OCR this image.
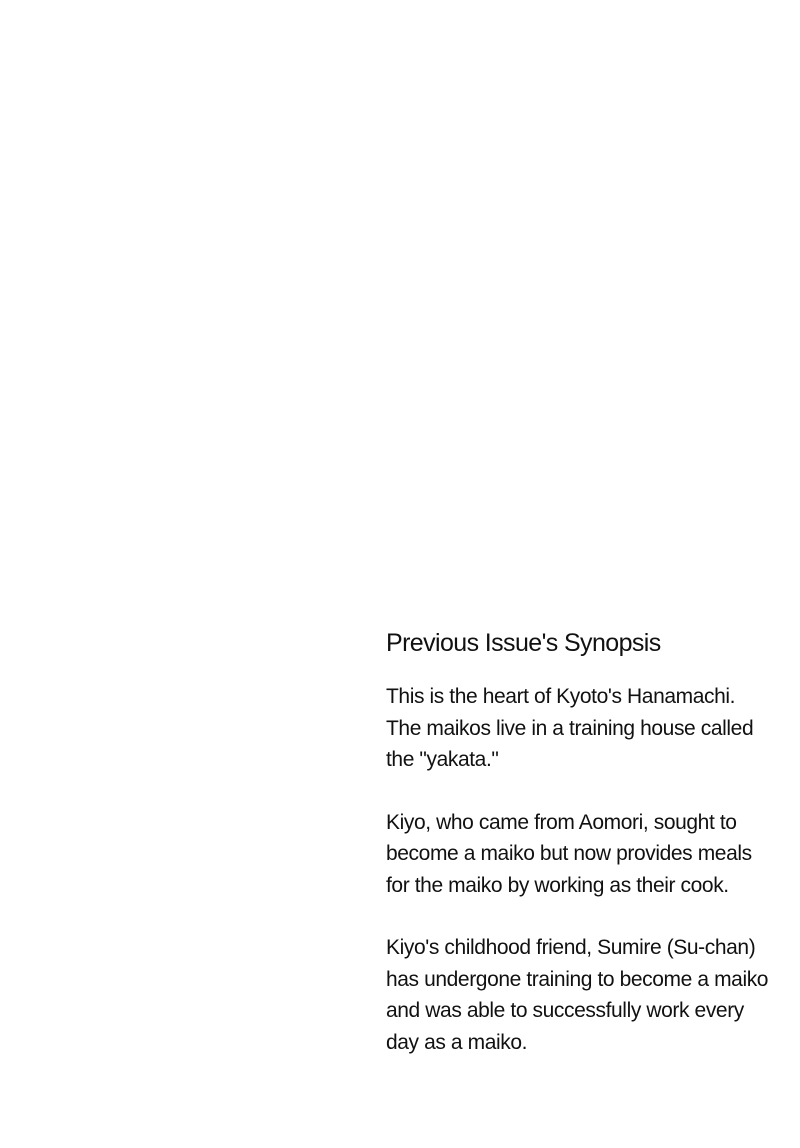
Previous Issue's Synopsis
This is the heart of Kyoto's Hanamachi.
The maikos live in a training house called
the "yakata."
Kiyo, who came from Aomori, sought to
become a maiko but now provides meals
for the maiko by working as their cook.
Kiyo's childhood friend, Sumire (Su-chan)
has undergone training to become a maiko
and was able to successfully work every
day as a maiko.
